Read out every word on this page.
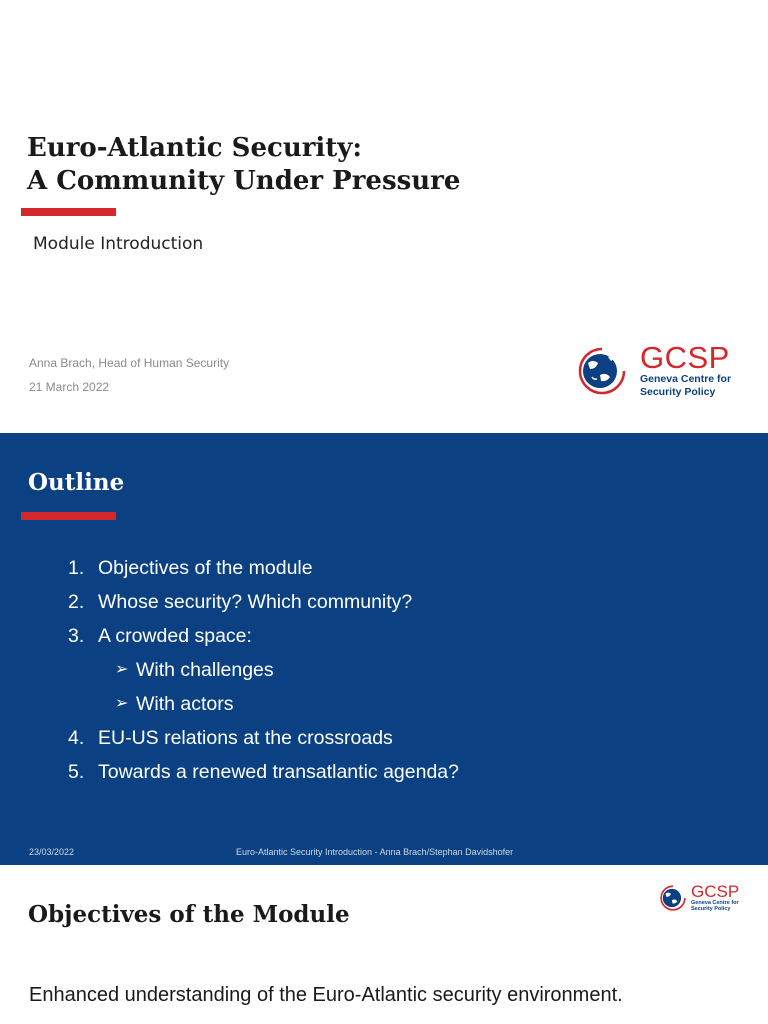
Euro-Atlantic Security:
A Community Under Pressure
Module Introduction
Anna Brach, Head of Human Security
21 March 2022
GCSP
Geneva Centre for
Security Policy
Outline
1. Objectives of the module
2. Whose security? Which community?
3. A crowded space:
➢ With challenges
➢ With actors
4. EU-US relations at the crossroads
5. Towards a renewed transatlantic agenda?
23/03/2022	Euro-Atlantic Security Introduction - Anna Brach/Stephan Davidshofer
GCSP
Geneva Centre for
Security Policy
Objectives of the Module
Enhanced understanding of the Euro-Atlantic security environment.
